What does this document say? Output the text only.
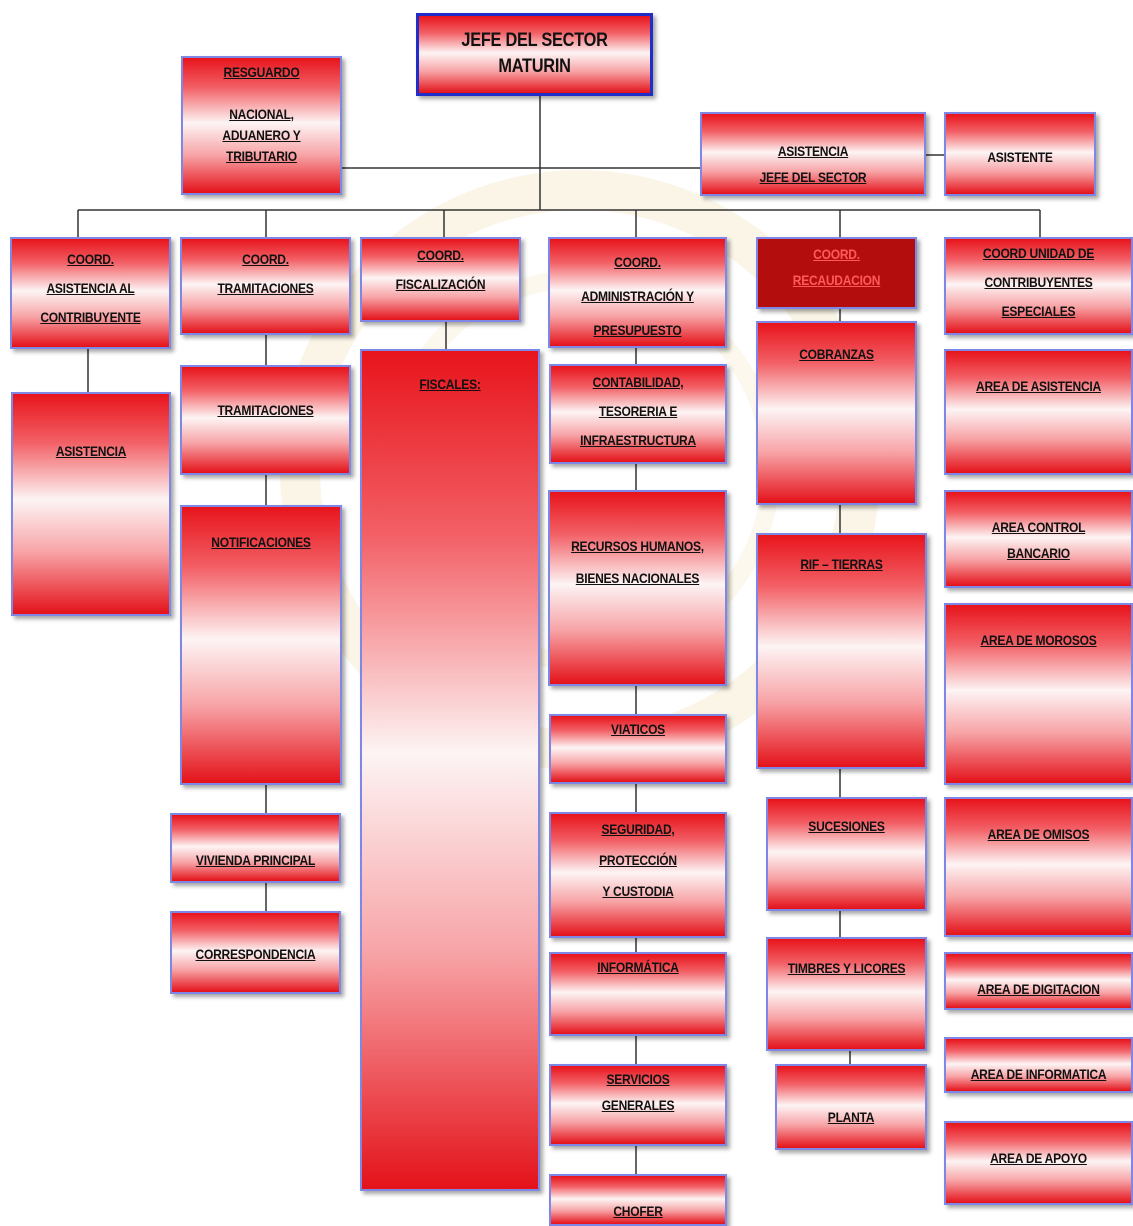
JEFE DEL SECTOR
MATURIN
RESGUARDO

NACIONAL,
ADUANERO Y
TRIBUTARIO	ASISTENCIA
JEFE DEL SECTOR
ASISTENTE
COORD.
ASISTENCIA AL
CONTRIBUYENTE
ASISTENCIA
COORD.
TRAMITACIONES
TRAMITACIONES
NOTIFICACIONES
VIVIENDA PRINCIPAL
CORRESPONDENCIA
COORD.
FISCALIZACIÓN
FISCALES:
COORD.
ADMINISTRACIÓN Y
PRESUPUESTO
CONTABILIDAD,
TESORERIA E
INFRAESTRUCTURA
RECURSOS HUMANOS,
BIENES NACIONALES
VIATICOS
SEGURIDAD,
PROTECCIÓN
Y CUSTODIA
INFORMÁTICA
SERVICIOS
GENERALES
CHOFER
COORD.
RECAUDACION
COBRANZAS
RIF – TIERRAS
SUCESIONES
TIMBRES Y LICORES
PLANTA
COORD UNIDAD DE
CONTRIBUYENTES
ESPECIALES
AREA DE ASISTENCIA
AREA CONTROL
BANCARIO
AREA DE MOROSOS
AREA DE OMISOS
AREA DE DIGITACION
AREA DE INFORMATICA
AREA DE APOYO
